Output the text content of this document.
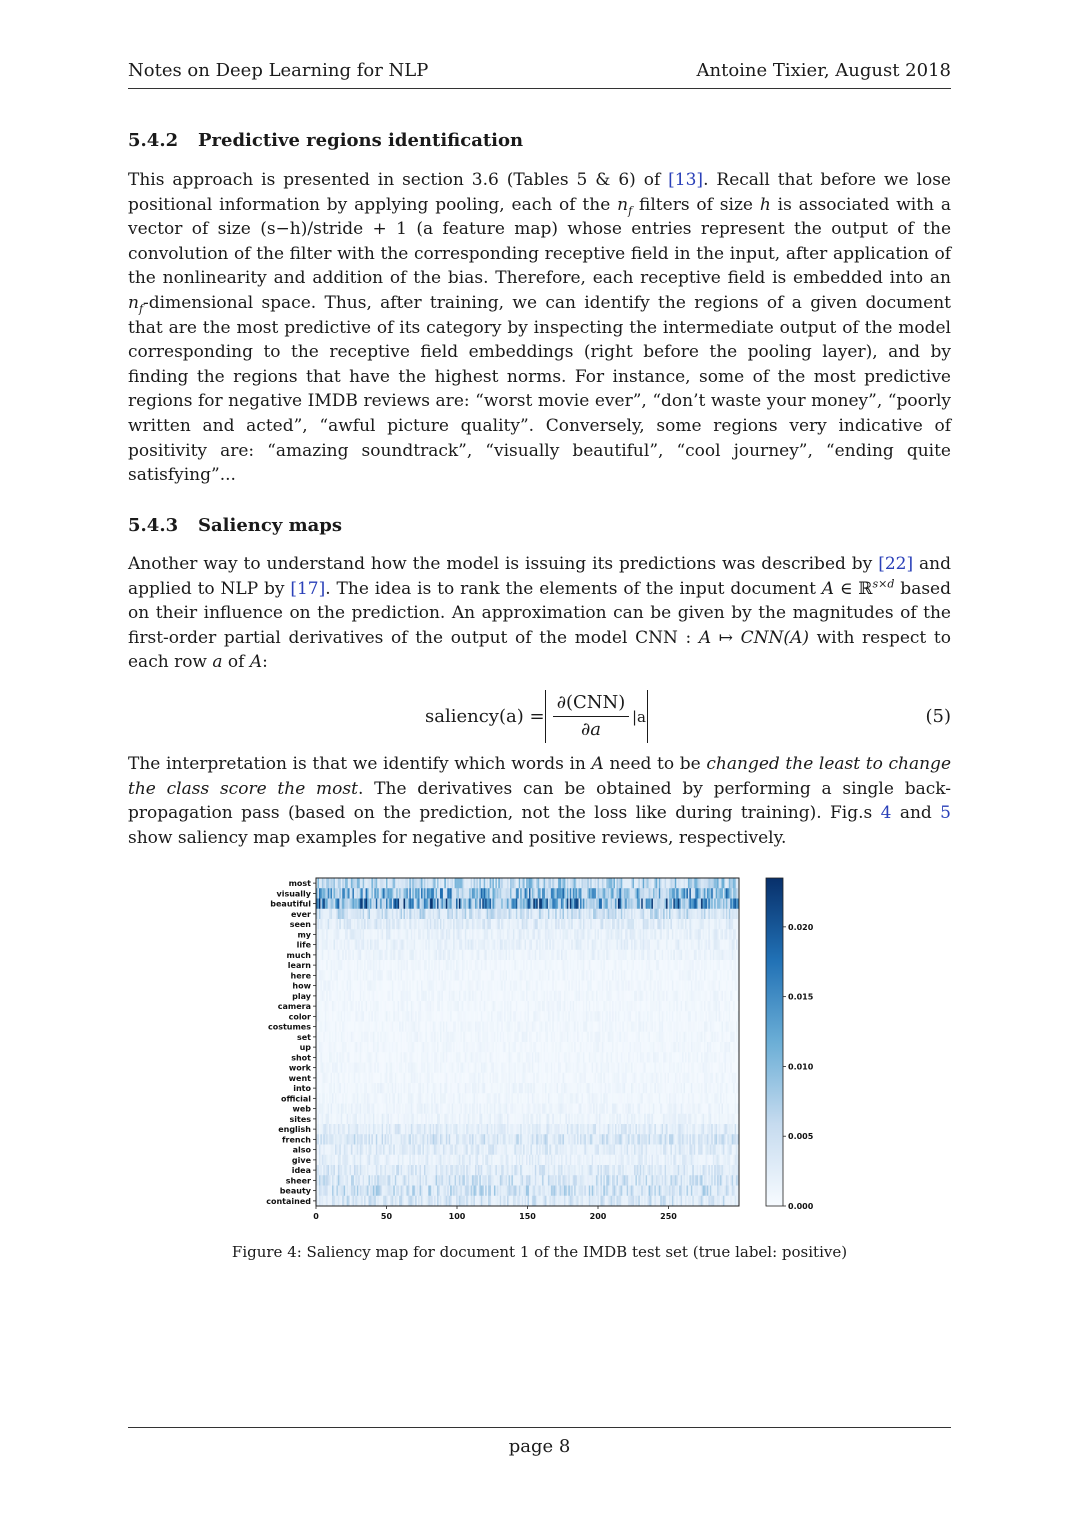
Notes on Deep Learning for NLP	Antoine Tixier, August 2018
5.4.2 Predictive regions identification
This approach is presented in section 3.6 (Tables 5 & 6) of [13]. Recall that before we lose positional information by applying pooling, each of the $n_f$ filters of size h is associated with a vector of size (s−h)/stride + 1 (a feature map) whose entries represent the output of the convolution of the filter with the corresponding receptive field in the input, after application of the nonlinearity and addition of the bias. Therefore, each receptive field is embedded into an $n_f$-dimensional space. Thus, after training, we can identify the regions of a given document that are the most predictive of its category by inspecting the intermediate output of the model corresponding to the receptive field embeddings (right before the pooling layer), and by finding the regions that have the highest norms. For instance, some of the most predictive regions for negative IMDB reviews are: “worst movie ever”, “don’t waste your money”, “poorly written and acted”, “awful picture quality”. Conversely, some regions very indicative of positivity are: “amazing soundtrack”, “visually beautiful”, “cool journey”, “ending quite satisfying”...
5.4.3 Saliency maps
Another way to understand how the model is issuing its predictions was described by [22] and applied to NLP by [17]. The idea is to rank the elements of the input document A ∈ ℝ$^{s\times d}$ based on their influence on the prediction. An approximation can be given by the magnitudes of the first-order partial derivatives of the output of the model CNN : A ↦ CNN(A) with respect to each row a of A:
saliency(a) =
∂(CNN)
∂a
|a	(5)
The interpretation is that we identify which words in A need to be changed the least to change the class score the most. The derivatives can be obtained by performing a single back-propagation pass (based on the prediction, not the loss like during training). Fig.s 4 and 5 show saliency map examples for negative and positive reviews, respectively.
most
visually
beautiful
ever
seen
my
life
much
learn
here
how
play
camera
color
costumes
set
up
shot
work
went
into
official
web
sites
english
french
also
give
idea
sheer
beauty
contained
0	50	100	150	200	250
0.000
0.005
0.010
0.015
0.020
Figure 4: Saliency map for document 1 of the IMDB test set (true label: positive)
page 8
